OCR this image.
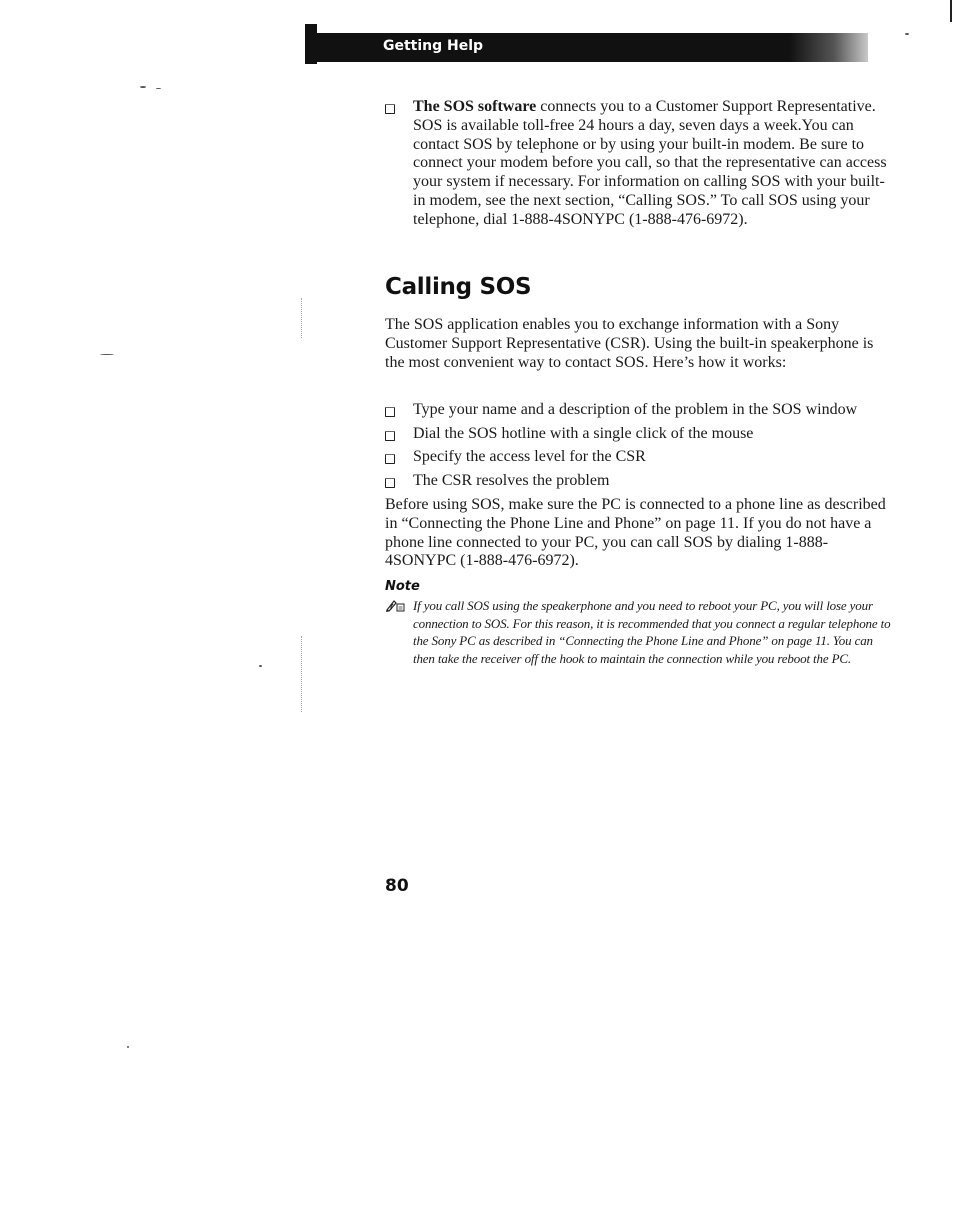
Getting Help
The SOS software connects you to a Customer Support Representative. SOS is available toll-free 24 hours a day, seven days a week.You can contact SOS by telephone or by using your built-in modem. Be sure to connect your modem before you call, so that the representative can access your system if necessary. For information on calling SOS with your built-in modem, see the next section, “Calling SOS.” To call SOS using your telephone, dial 1-888-4SONYPC (1-888-476-6972).
Calling SOS
The SOS application enables you to exchange information with a Sony Customer Support Representative (CSR). Using the built-in speakerphone is the most convenient way to contact SOS. Here’s how it works:
Type your name and a description of the problem in the SOS window
Dial the SOS hotline with a single click of the mouse
Specify the access level for the CSR
The CSR resolves the problem
Before using SOS, make sure the PC is connected to a phone line as described in “Connecting the Phone Line and Phone” on page 11. If you do not have a phone line connected to your PC, you can call SOS by dialing 1-888-4SONYPC (1-888-476-6972).
Note
If you call SOS using the speakerphone and you need to reboot your PC, you will lose your connection to SOS. For this reason, it is recommended that you connect a regular telephone to the Sony PC as described in “Connecting the Phone Line and Phone” on page 11. You can then take the receiver off the hook to maintain the connection while you reboot the PC.
80
